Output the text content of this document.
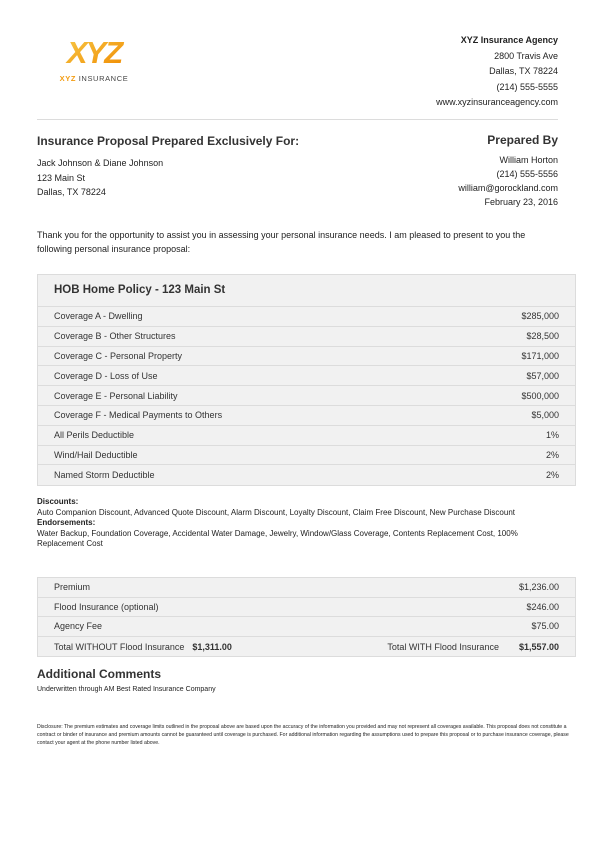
XYZ
XYZ INSURANCE
XYZ Insurance Agency
2800 Travis Ave
Dallas, TX 78224
(214) 555-5555
www.xyzinsuranceagency.com
Insurance Proposal Prepared Exclusively For:
Jack Johnson & Diane Johnson
123 Main St
Dallas, TX 78224
Prepared By
William Horton
(214) 555-5556
william@gorockland.com
February 23, 2016
Thank you for the opportunity to assist you in assessing your personal insurance needs. I am pleased to present to you the following personal insurance proposal:
HOB Home Policy - 123 Main St
Coverage A - Dwelling	$285,000
Coverage B - Other Structures	$28,500
Coverage C - Personal Property	$171,000
Coverage D - Loss of Use	$57,000
Coverage E - Personal Liability	$500,000
Coverage F - Medical Payments to Others	$5,000
All Perils Deductible	1%
Wind/Hail Deductible	2%
Named Storm Deductible	2%
Discounts:
Auto Companion Discount, Advanced Quote Discount, Alarm Discount, Loyalty Discount, Claim Free Discount, New Purchase Discount
Endorsements:
Water Backup, Foundation Coverage, Accidental Water Damage, Jewelry, Window/Glass Coverage, Contents Replacement Cost, 100% Replacement Cost
Premium	$1,236.00
Flood Insurance (optional)	$246.00
Agency Fee	$75.00
Total WITHOUT Flood Insurance $1,311.00	Total WITH Flood Insurance $1,557.00
Additional Comments
Underwritten through AM Best Rated Insurance Company
Disclosure: The premium estimates and coverage limits outlined in the proposal above are based upon the accuracy of the information you provided and may not represent all coverages available. This proposal does not constitute a contract or binder of insurance and premium amounts cannot be guaranteed until coverage is purchased. For additional information regarding the assumptions used to prepare this proposal or to purchase insurance coverage, please contact your agent at the phone number listed above.
